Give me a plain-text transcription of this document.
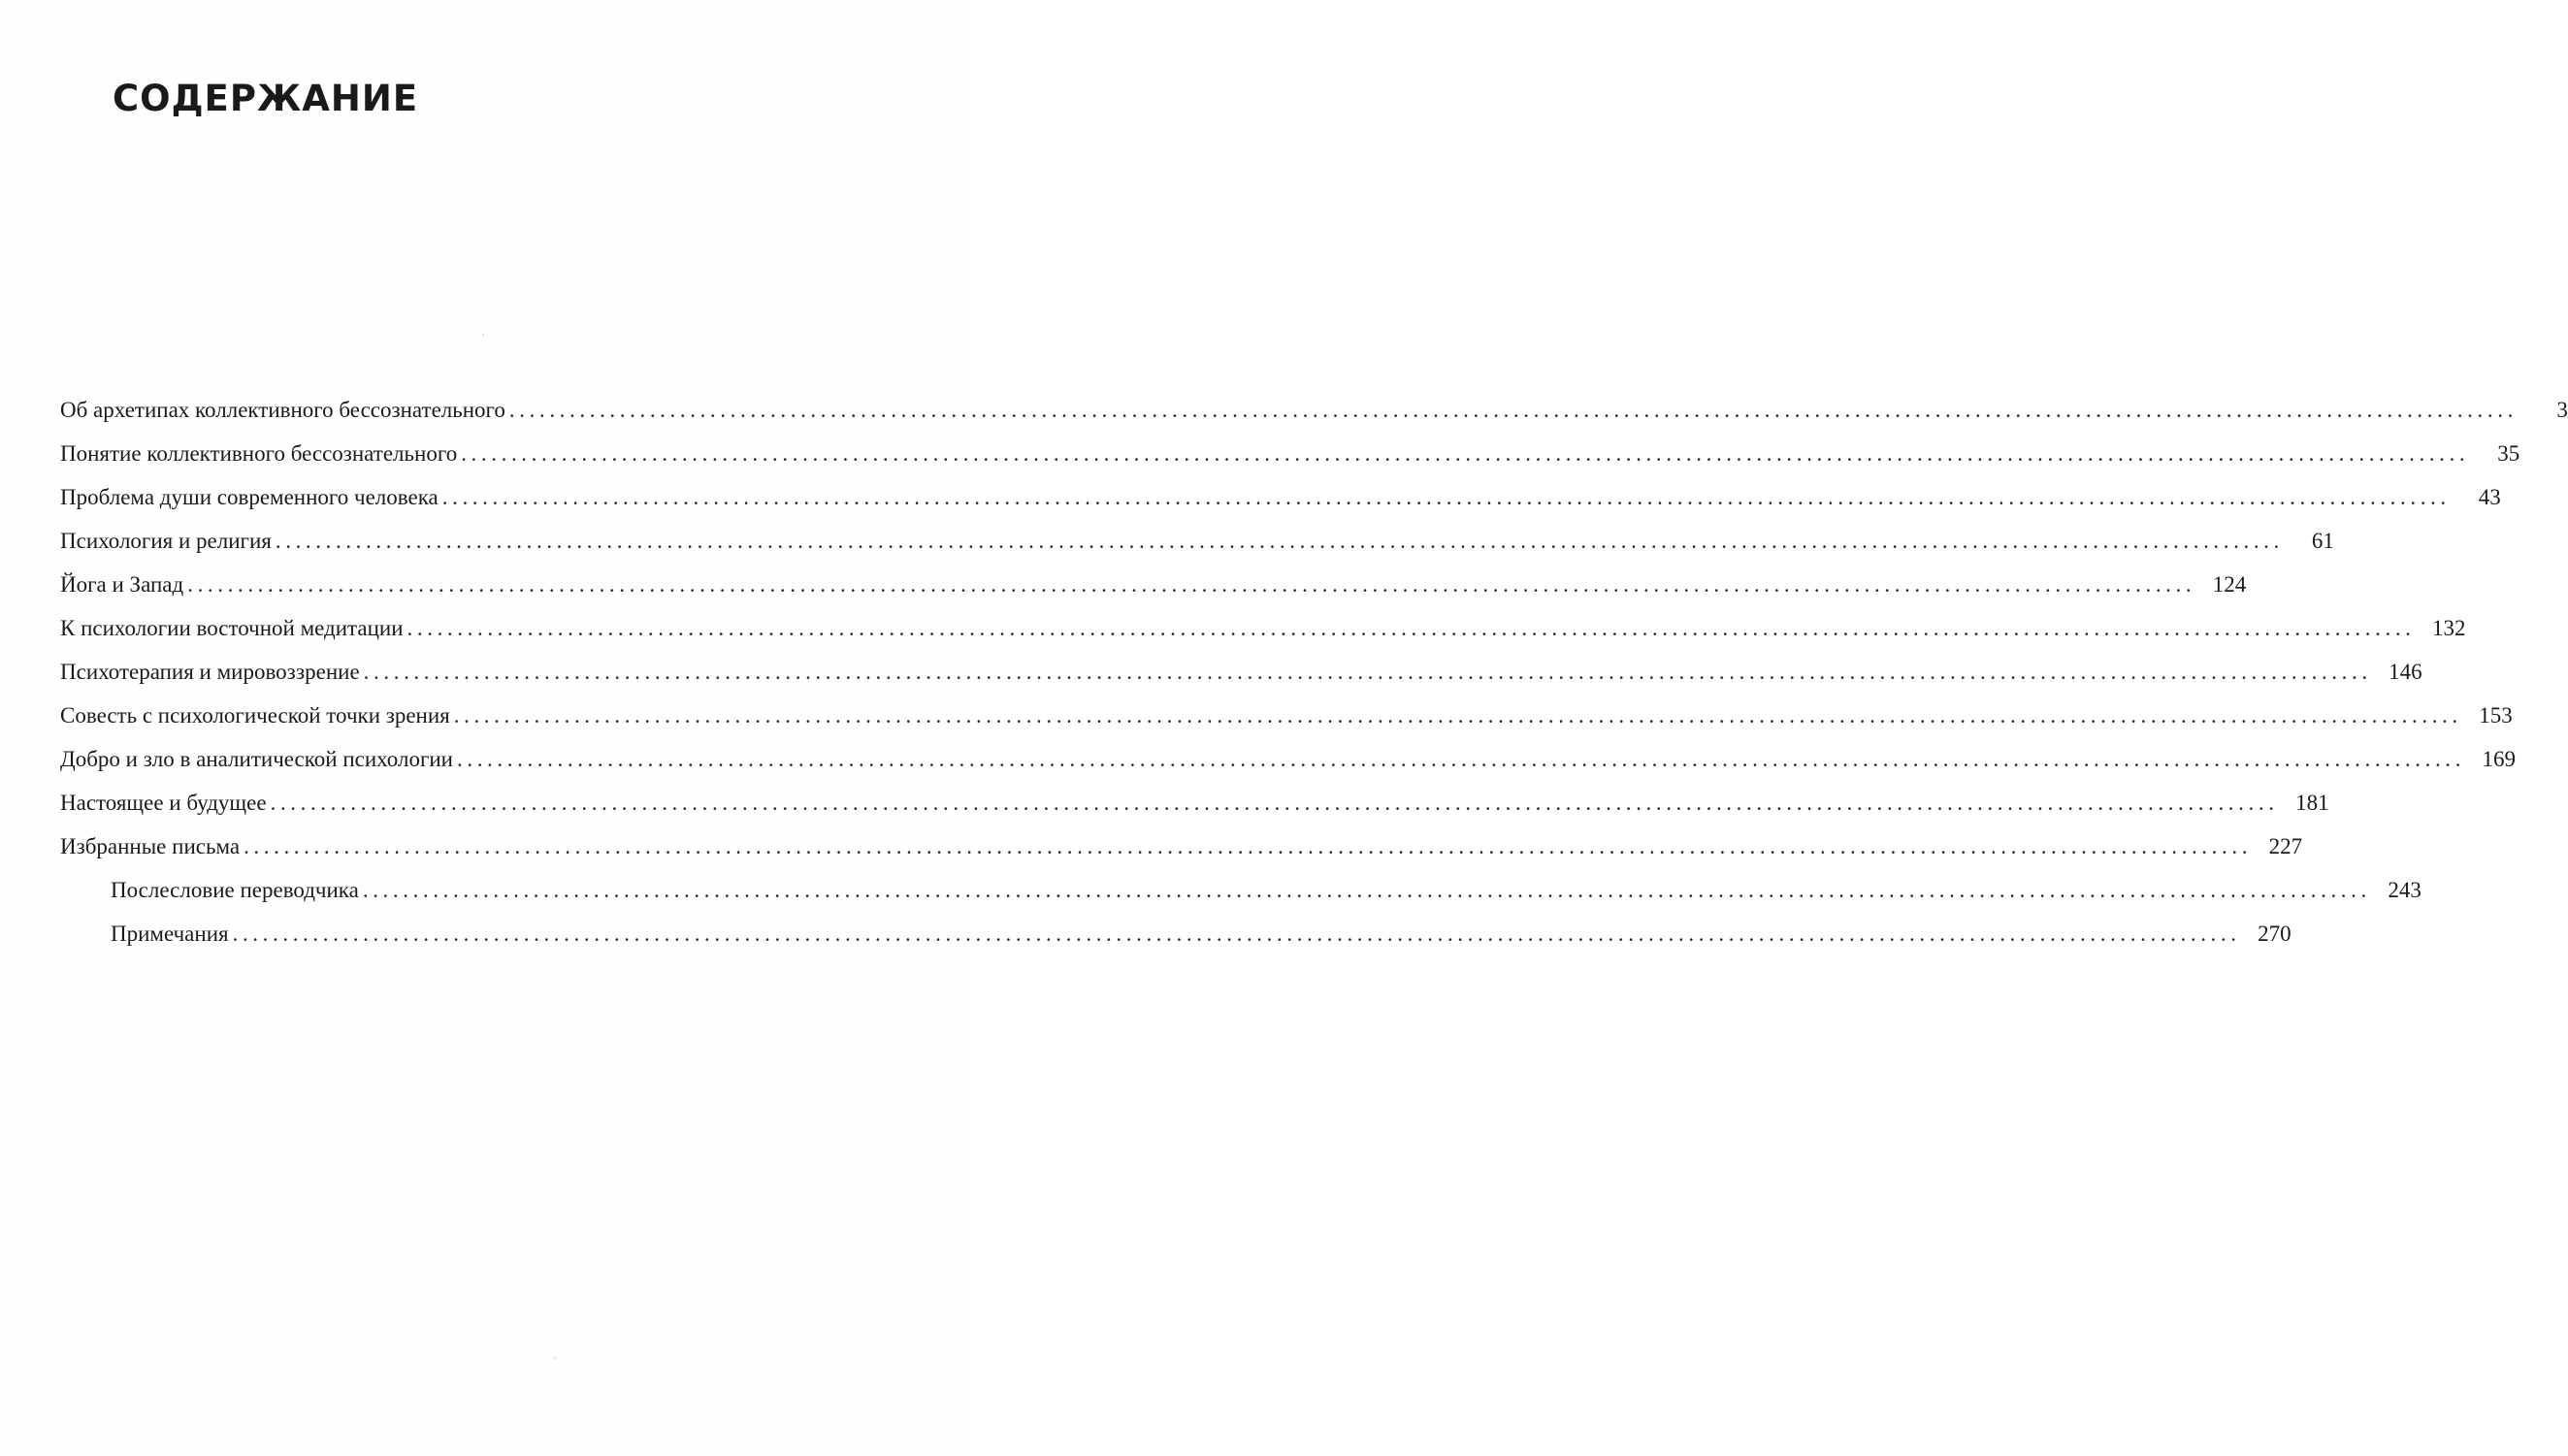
СОДЕРЖАНИЕ
Об архетипах коллективного бессознательного ........................................................................................................................................................................................................	3
Понятие коллективного бессознательного ........................................................................................................................................................................................................	35
Проблема души современного человека ........................................................................................................................................................................................................	43
Психология и религия ........................................................................................................................................................................................................	61
Йога и Запад ........................................................................................................................................................................................................ 124
К психологии восточной медитации ........................................................................................................................................................................................................ 132
Психотерапия и мировоззрение ........................................................................................................................................................................................................ 146
Совесть с психологической точки зрения ........................................................................................................................................................................................................ 153
Добро и зло в аналитической психологии ........................................................................................................................................................................................................ 169
Настоящее и будущее ........................................................................................................................................................................................................ 181
Избранные письма ........................................................................................................................................................................................................ 227
Послесловие переводчика ........................................................................................................................................................................................................ 243
Примечания ........................................................................................................................................................................................................ 270
